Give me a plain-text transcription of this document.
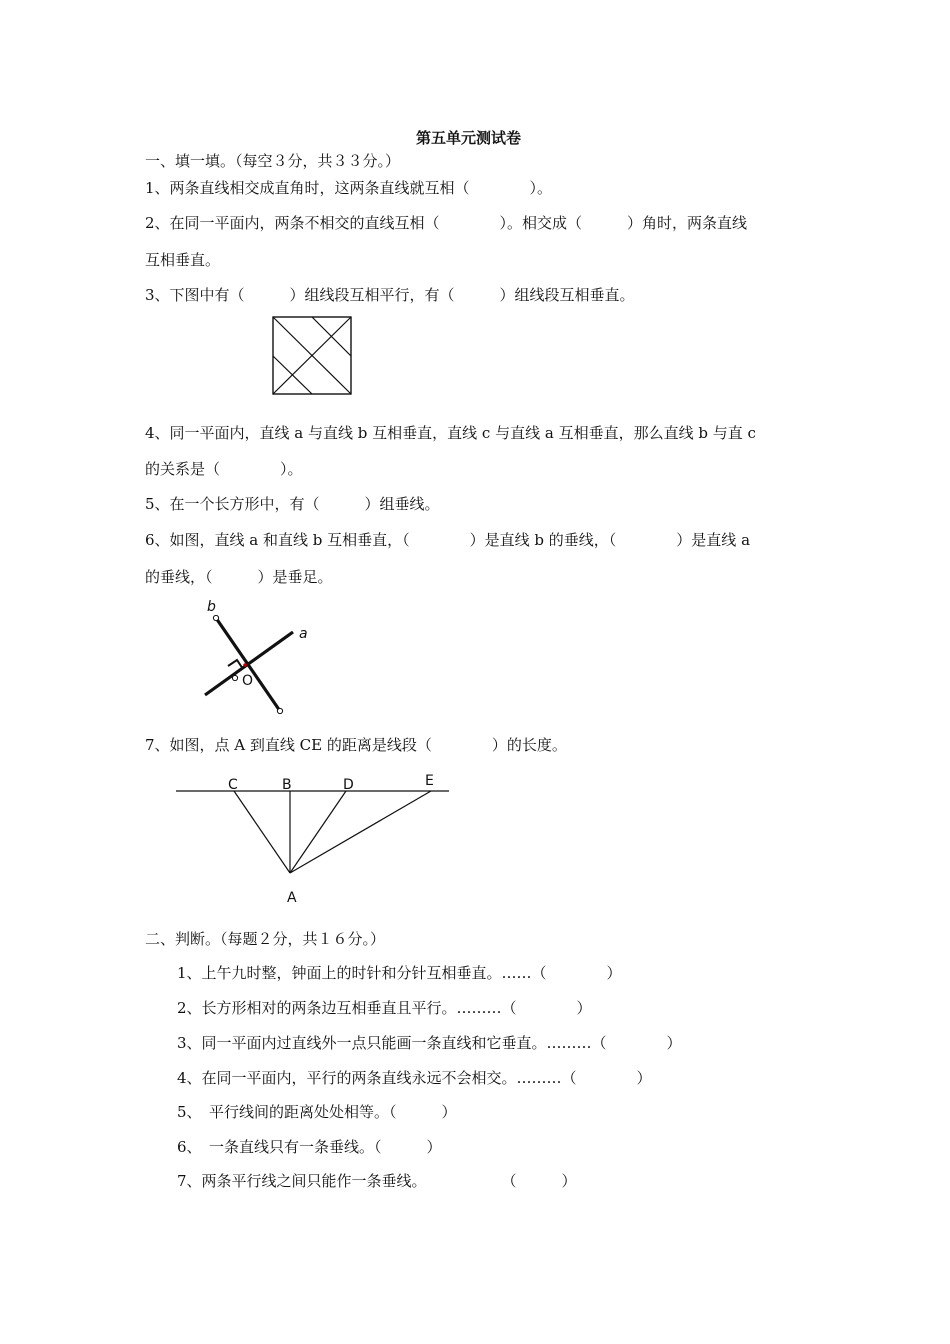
第五单元测试卷
一、填一填。（每空３分，共３３分。）
1、两条直线相交成直角时，这两条直线就互相（　　　　）。
2、在同一平面内，两条不相交的直线互相（　　　　）。相交成（　　　）角时，两条直线
互相垂直。
3、下图中有（　　　）组线段互相平行，有（　　　）组线段互相垂直。
4、同一平面内，直线 a 与直线 b 互相垂直，直线 c 与直线 a 互相垂直，那么直线 b 与直 c
的关系是（　　　　）。
5、在一个长方形中，有（　　　）组垂线。
6、如图，直线 a 和直线 b 互相垂直，（　　　　）是直线 b 的垂线，（　　　　）是直线 a
的垂线，（　　　）是垂足。
b
a
O
7、如图，点 A 到直线 CE 的距离是线段（　　　　）的长度。
C	B	D	E
A
二、判断。（每题２分，共１６分。）
1、上午九时整，钟面上的时针和分针互相垂直。……（　　　　）
2、长方形相对的两条边互相垂直且平行。………（　　　　）
3、同一平面内过直线外一点只能画一条直线和它垂直。………（　　　　）
4、在同一平面内，平行的两条直线永远不会相交。………（　　　　）
5、　平行线间的距离处处相等。（　　　）
6、　一条直线只有一条垂线。（　　　）
7、两条平行线之间只能作一条垂线。　　　　　　（　　　）
